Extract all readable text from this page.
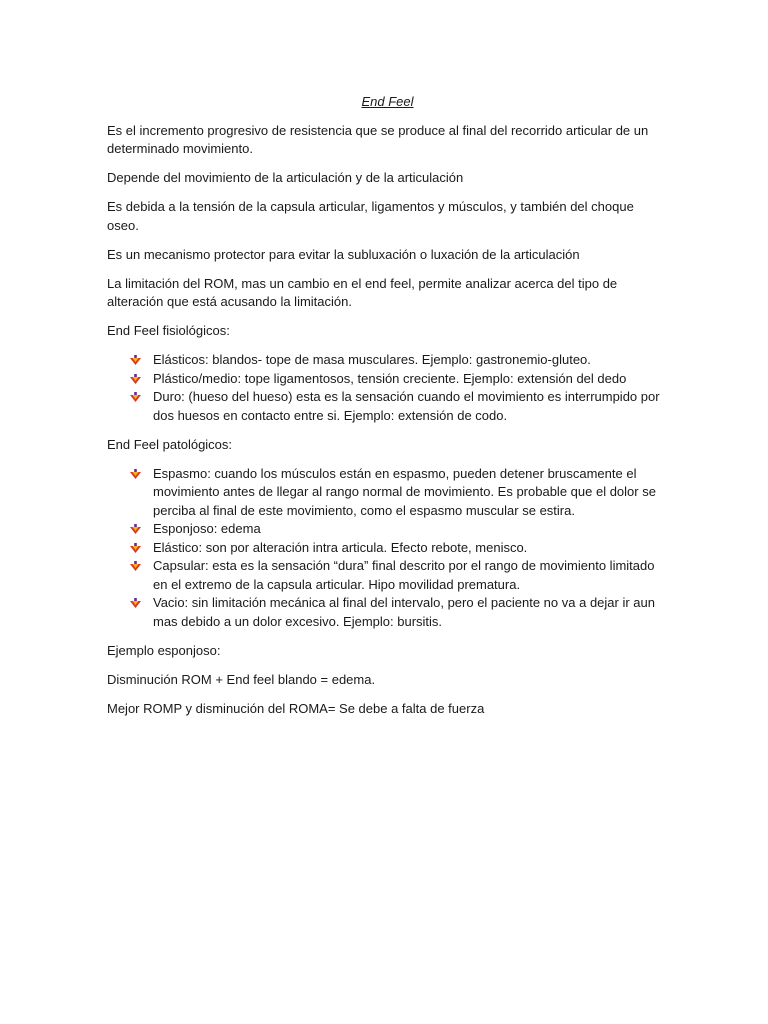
End Feel

Es el incremento progresivo de resistencia que se produce al final del recorrido articular de un determinado movimiento.

Depende del movimiento de la articulación y de la articulación

Es debida a la tensión de la capsula articular, ligamentos y músculos, y también del choque oseo.

Es un mecanismo protector para evitar la subluxación o luxación de la articulación

La limitación del ROM, mas un cambio en el end feel, permite analizar acerca del tipo de alteración que está acusando la limitación.

End Feel fisiológicos:

Elásticos: blandos- tope de masa musculares. Ejemplo: gastronemio-gluteo.
Plástico/medio: tope ligamentosos, tensión creciente. Ejemplo: extensión del dedo
Duro: (hueso del hueso) esta es la sensación cuando el movimiento es interrumpido por dos huesos en contacto entre si. Ejemplo: extensión de codo.

End Feel patológicos:

Espasmo: cuando los músculos están en espasmo, pueden detener bruscamente el movimiento antes de llegar al rango normal de movimiento. Es probable que el dolor se perciba al final de este movimiento, como el espasmo muscular se estira.
Esponjoso: edema
Elástico: son por alteración intra articula. Efecto rebote, menisco.
Capsular: esta es la sensación “dura” final descrito por el rango de movimiento limitado en el extremo de la capsula articular. Hipo movilidad prematura.
Vacio: sin limitación mecánica al final del intervalo, pero el paciente no va a dejar ir aun mas debido a un dolor excesivo. Ejemplo: bursitis.

Ejemplo esponjoso:

Disminución ROM + End feel blando = edema.

Mejor ROMP y disminución del ROMA= Se debe a falta de fuerza
